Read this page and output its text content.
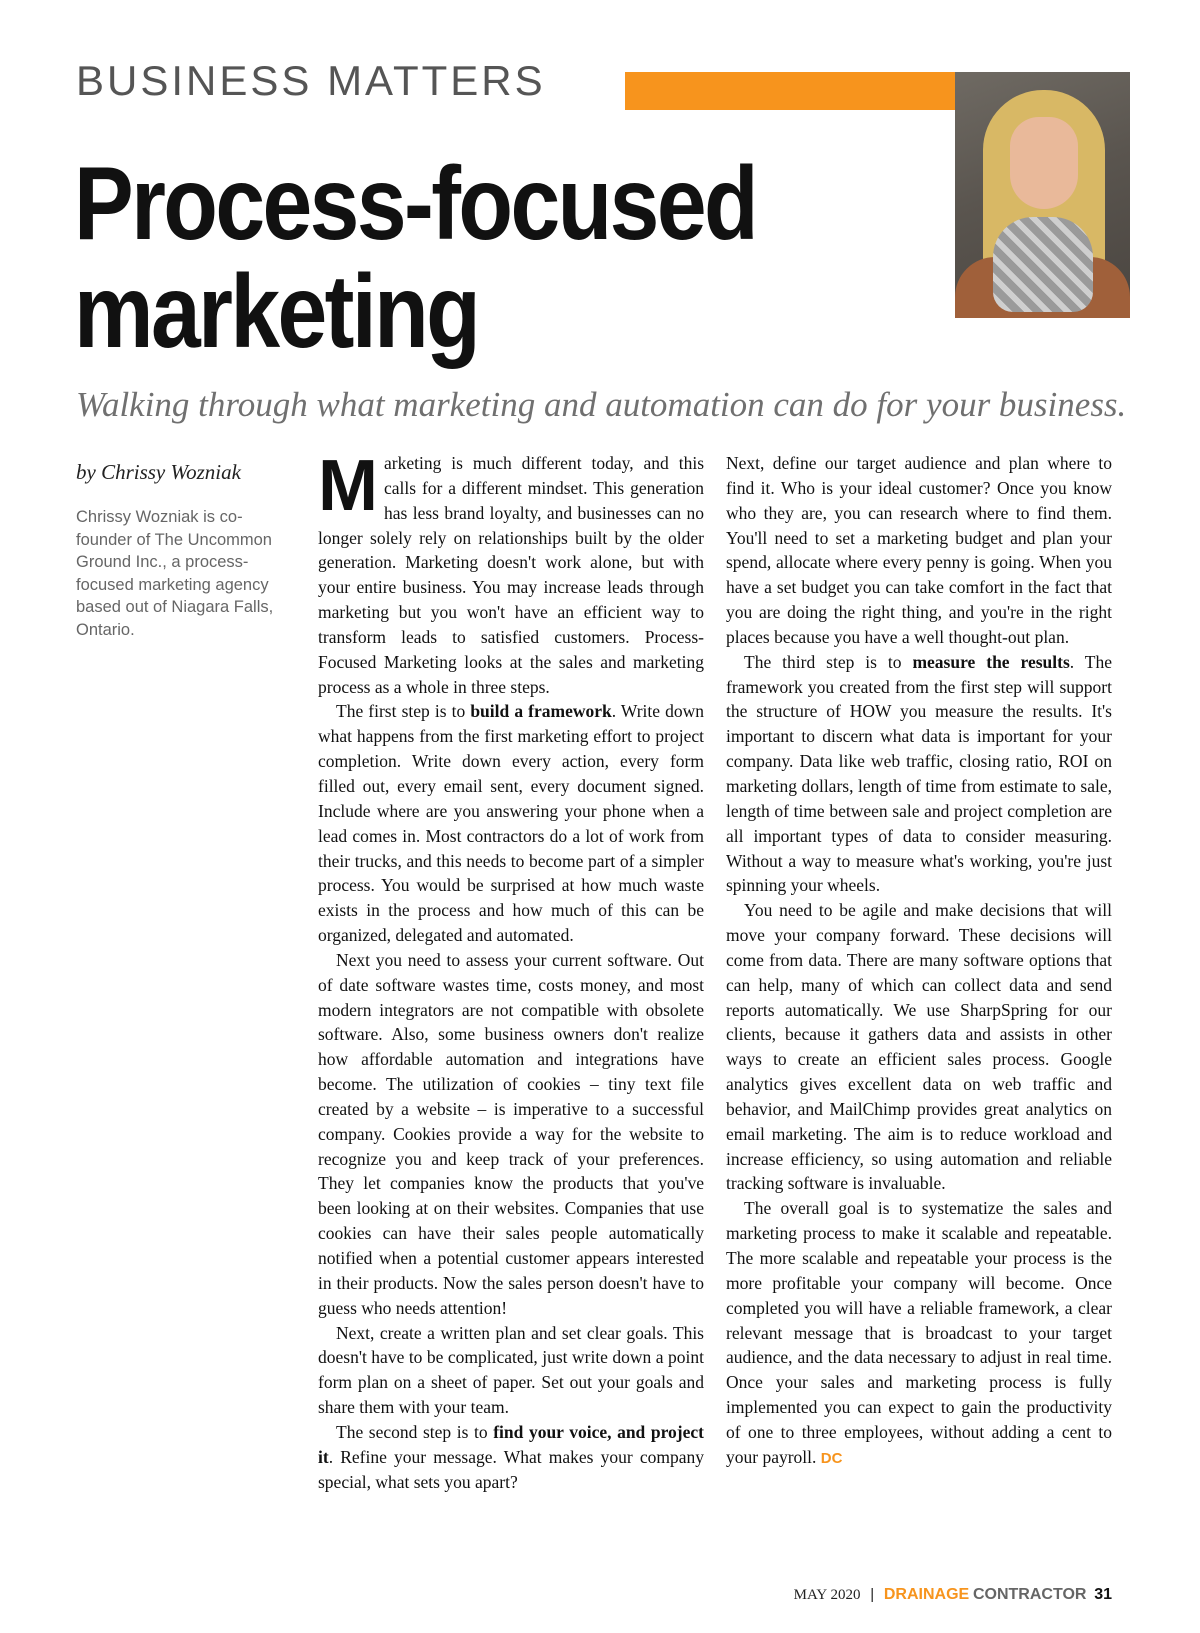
BUSINESS MATTERS
Process-focused
marketing

Walking through what marketing and automation can do for your business.

by Chrissy Wozniak
Chrissy Wozniak is co-founder of The Uncommon Ground Inc., a process-focused marketing agency based out of Niagara Falls, Ontario.

Marketing is much different today, and this calls for a different mindset. This generation has less brand loyalty, and businesses can no longer solely rely on relationships built by the older generation. Marketing doesn't work alone, but with your entire business. You may increase leads through marketing but you won't have an efficient way to transform leads to satisfied customers. Process-Focused Marketing looks at the sales and marketing process as a whole in three steps.

The first step is to build a framework. Write down what happens from the first marketing effort to project completion. Write down every action, every form filled out, every email sent, every document signed. Include where are you answering your phone when a lead comes in. Most contractors do a lot of work from their trucks, and this needs to become part of a simpler process. You would be surprised at how much waste exists in the process and how much of this can be organized, delegated and automated.

Next you need to assess your current software. Out of date software wastes time, costs money, and most modern integrators are not compatible with obsolete software. Also, some business owners don't realize how affordable automation and integrations have become. The utilization of cookies – tiny text file created by a website – is imperative to a successful company. Cookies provide a way for the website to recognize you and keep track of your preferences. They let companies know the products that you've been looking at on their websites. Companies that use cookies can have their sales people automatically notified when a potential customer appears interested in their products. Now the sales person doesn't have to guess who needs attention!

Next, create a written plan and set clear goals. This doesn't have to be complicated, just write down a point form plan on a sheet of paper. Set out your goals and share them with your team.

The second step is to find your voice, and project it. Refine your message. What makes your company special, what sets you apart?

Next, define our target audience and plan where to find it. Who is your ideal customer? Once you know who they are, you can research where to find them. You'll need to set a marketing budget and plan your spend, allocate where every penny is going. When you have a set budget you can take comfort in the fact that you are doing the right thing, and you're in the right places because you have a well thought-out plan.

The third step is to measure the results. The framework you created from the first step will support the structure of HOW you measure the results. It's important to discern what data is important for your company. Data like web traffic, closing ratio, ROI on marketing dollars, length of time from estimate to sale, length of time between sale and project completion are all important types of data to consider measuring. Without a way to measure what's working, you're just spinning your wheels.

You need to be agile and make decisions that will move your company forward. These decisions will come from data. There are many software options that can help, many of which can collect data and send reports automatically. We use SharpSpring for our clients, because it gathers data and assists in other ways to create an efficient sales process. Google analytics gives excellent data on web traffic and behavior, and MailChimp provides great analytics on email marketing. The aim is to reduce workload and increase efficiency, so using automation and reliable tracking software is invaluable.

The overall goal is to systematize the sales and marketing process to make it scalable and repeatable. The more scalable and repeatable your process is the more profitable your company will become. Once completed you will have a reliable framework, a clear relevant message that is broadcast to your target audience, and the data necessary to adjust in real time. Once your sales and marketing process is fully implemented you can expect to gain the productivity of one to three employees, without adding a cent to your payroll. DC

MAY 2020 | DRAINAGE CONTRACTOR 31
